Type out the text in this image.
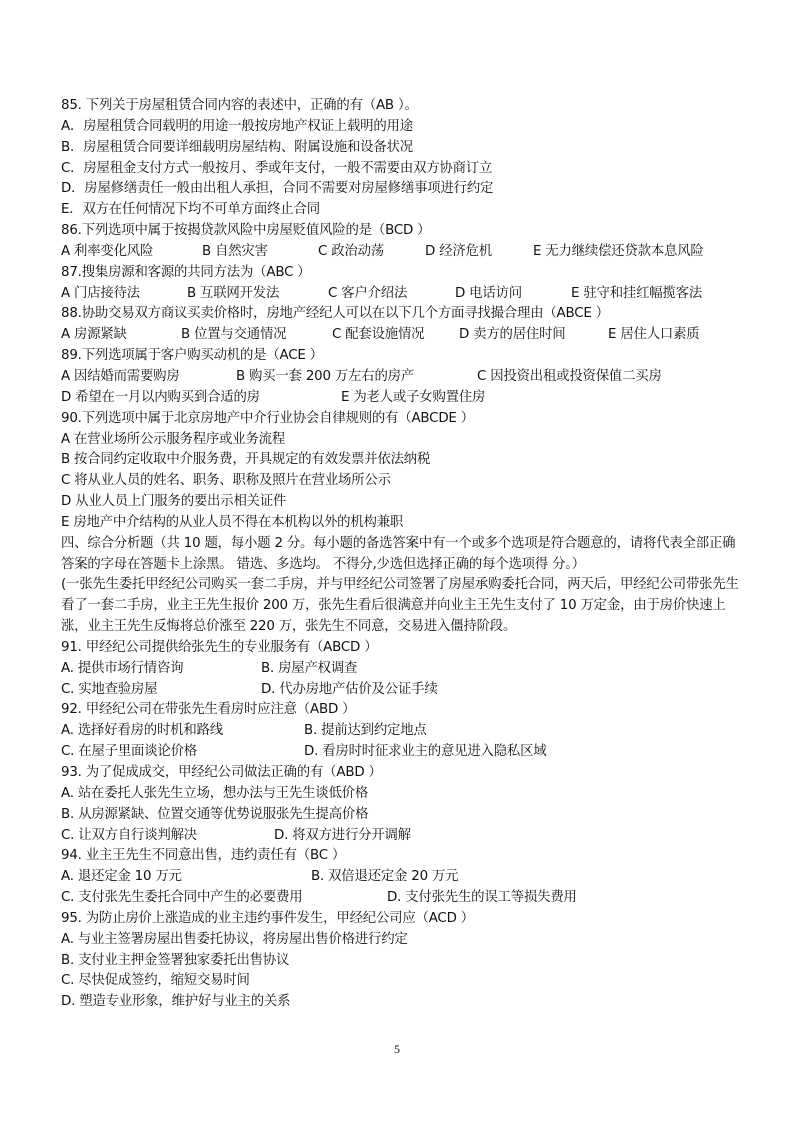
85. 下列关于房屋租赁合同内容的表述中，正确的有（AB ）。
A．房屋租赁合同载明的用途一般按房地产权证上载明的用途
B．房屋租赁合同要详细载明房屋结构、附属设施和设备状况
C．房屋租金支付方式一般按月、季或年支付，一般不需要由双方协商订立
D．房屋修缮责任一般由出租人承担，合同不需要对房屋修缮事项进行约定
E．双方在任何情况下均不可单方面终止合同
86.下列选项中属于按揭贷款风险中房屋贬值风险的是（BCD ）
A 利率变化风险	B 自然灾害	C 政治动荡	D 经济危机	E 无力继续偿还贷款本息风险
87.搜集房源和客源的共同方法为（ABC ）
A 门店接待法	B 互联网开发法	C 客户介绍法	D 电话访问	E 驻守和挂红幅揽客法
88.协助交易双方商议买卖价格时，房地产经纪人可以在以下几个方面寻找撮合理由（ABCE ）
A 房源紧缺	B 位置与交通情况	C 配套设施情况	D 卖方的居住时间	E 居住人口素质
89.下列选项属于客户购买动机的是（ACE ）
A 因结婚而需要购房	B 购买一套 200 万左右的房产	C 因投资出租或投资保值二买房
D 希望在一月以内购买到合适的房	E 为老人或子女购置住房
90.下列选项中属于北京房地产中介行业协会自律规则的有（ABCDE ）
A 在营业场所公示服务程序或业务流程
B 按合同约定收取中介服务费，开具规定的有效发票并依法纳税
C 将从业人员的姓名、职务、职称及照片在营业场所公示
D 从业人员上门服务的要出示相关证件
E 房地产中介结构的从业人员不得在本机构以外的机构兼职
四、综合分析题（共 10 题，每小题 2 分。每小题的备选答案中有一个或多个选项是符合题意的，请将代表全部正确答案的字母在答题卡上涂黑。 错选、多选均。 不得分,少选但选择正确的每个选项得 分。）
(一张先生委托甲经纪公司购买一套二手房，并与甲经纪公司签署了房屋承购委托合同，两天后，甲经纪公司带张先生看了一套二手房，业主王先生报价 200 万，张先生看后很满意并向业主王先生支付了 10 万定金，由于房价快速上涨，业主王先生反悔将总价涨至 220 万，张先生不同意，交易进入僵持阶段。
91. 甲经纪公司提供给张先生的专业服务有（ABCD ）
A. 提供市场行情咨询	B. 房屋产权调查
C. 实地查验房屋	D. 代办房地产估价及公证手续
92. 甲经纪公司在带张先生看房时应注意（ABD ）
A. 选择好看房的时机和路线	B. 提前达到约定地点
C. 在屋子里面谈论价格	D. 看房时时征求业主的意见进入隐私区域
93. 为了促成成交，甲经纪公司做法正确的有（ABD ）
A. 站在委托人张先生立场，想办法与王先生谈低价格
B. 从房源紧缺、位置交通等优势说服张先生提高价格
C. 让双方自行谈判解决	D. 将双方进行分开调解
94. 业主王先生不同意出售，违约责任有（BC ）
A. 退还定金 10 万元	B. 双倍退还定金 20 万元
C. 支付张先生委托合同中产生的必要费用	D. 支付张先生的误工等损失费用
95. 为防止房价上涨造成的业主违约事件发生，甲经纪公司应（ACD ）
A. 与业主签署房屋出售委托协议，将房屋出售价格进行约定
B. 支付业主押金签署独家委托出售协议
C. 尽快促成签约，缩短交易时间
D. 塑造专业形象，维护好与业主的关系
5
